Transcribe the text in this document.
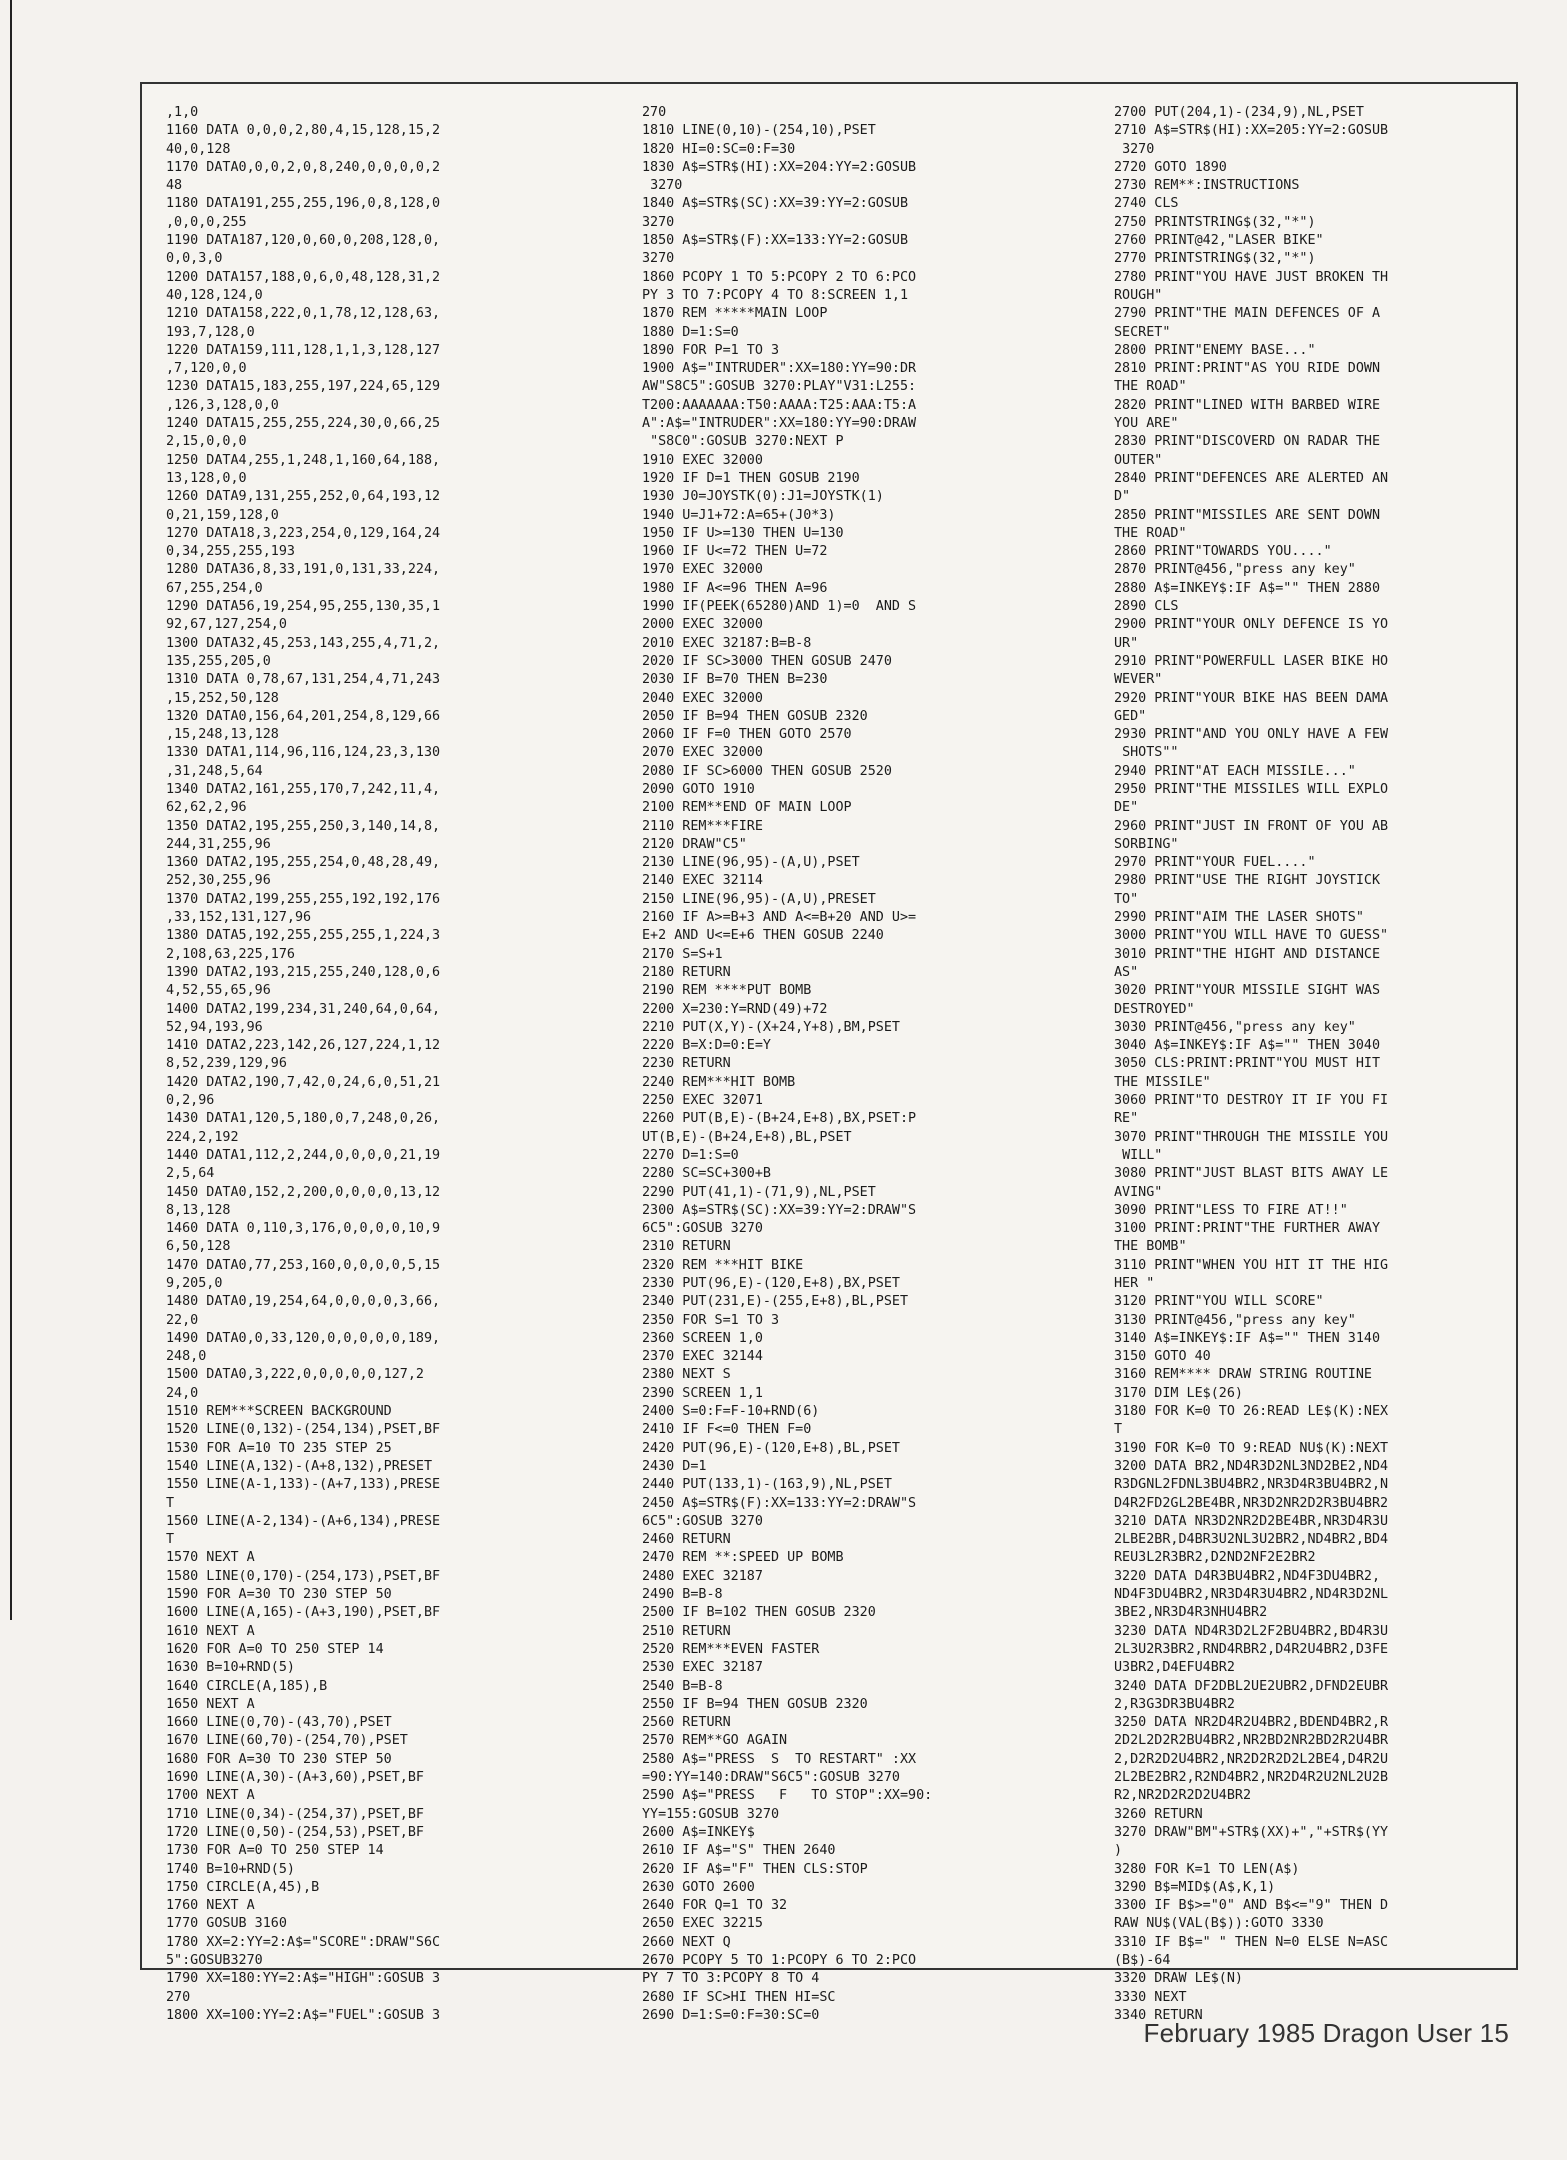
,1,0
1160 DATA 0,0,0,2,80,4,15,128,15,2
40,0,128
1170 DATA0,0,0,2,0,8,240,0,0,0,0,2
48
1180 DATA191,255,255,196,0,8,128,0
,0,0,0,255
1190 DATA187,120,0,60,0,208,128,0,
0,0,3,0
1200 DATA157,188,0,6,0,48,128,31,2
40,128,124,0
1210 DATA158,222,0,1,78,12,128,63,
193,7,128,0
1220 DATA159,111,128,1,1,3,128,127
,7,120,0,0
1230 DATA15,183,255,197,224,65,129
,126,3,128,0,0
1240 DATA15,255,255,224,30,0,66,25
2,15,0,0,0
1250 DATA4,255,1,248,1,160,64,188,
13,128,0,0
1260 DATA9,131,255,252,0,64,193,12
0,21,159,128,0
1270 DATA18,3,223,254,0,129,164,24
0,34,255,255,193
1280 DATA36,8,33,191,0,131,33,224,
67,255,254,0
1290 DATA56,19,254,95,255,130,35,1
92,67,127,254,0
1300 DATA32,45,253,143,255,4,71,2,
135,255,205,0
1310 DATA 0,78,67,131,254,4,71,243
,15,252,50,128
1320 DATA0,156,64,201,254,8,129,66
,15,248,13,128
1330 DATA1,114,96,116,124,23,3,130
,31,248,5,64
1340 DATA2,161,255,170,7,242,11,4,
62,62,2,96
1350 DATA2,195,255,250,3,140,14,8,
244,31,255,96
1360 DATA2,195,255,254,0,48,28,49,
252,30,255,96
1370 DATA2,199,255,255,192,192,176
,33,152,131,127,96
1380 DATA5,192,255,255,255,1,224,3
2,108,63,225,176
1390 DATA2,193,215,255,240,128,0,6
4,52,55,65,96
1400 DATA2,199,234,31,240,64,0,64,
52,94,193,96
1410 DATA2,223,142,26,127,224,1,12
8,52,239,129,96
1420 DATA2,190,7,42,0,24,6,0,51,21
0,2,96
1430 DATA1,120,5,180,0,7,248,0,26,
224,2,192
1440 DATA1,112,2,244,0,0,0,0,21,19
2,5,64
1450 DATA0,152,2,200,0,0,0,0,13,12
8,13,128
1460 DATA 0,110,3,176,0,0,0,0,10,9
6,50,128
1470 DATA0,77,253,160,0,0,0,0,5,15
9,205,0
1480 DATA0,19,254,64,0,0,0,0,3,66,
22,0
1490 DATA0,0,33,120,0,0,0,0,0,189,
248,0
1500 DATA0,3,222,0,0,0,0,0,127,2
24,0
1510 REM***SCREEN BACKGROUND
1520 LINE(0,132)-(254,134),PSET,BF
1530 FOR A=10 TO 235 STEP 25
1540 LINE(A,132)-(A+8,132),PRESET
1550 LINE(A-1,133)-(A+7,133),PRESE
T
1560 LINE(A-2,134)-(A+6,134),PRESE
T
1570 NEXT A
1580 LINE(0,170)-(254,173),PSET,BF
1590 FOR A=30 TO 230 STEP 50
1600 LINE(A,165)-(A+3,190),PSET,BF
1610 NEXT A
1620 FOR A=0 TO 250 STEP 14
1630 B=10+RND(5)
1640 CIRCLE(A,185),B
1650 NEXT A
1660 LINE(0,70)-(43,70),PSET
1670 LINE(60,70)-(254,70),PSET
1680 FOR A=30 TO 230 STEP 50
1690 LINE(A,30)-(A+3,60),PSET,BF
1700 NEXT A
1710 LINE(0,34)-(254,37),PSET,BF
1720 LINE(0,50)-(254,53),PSET,BF
1730 FOR A=0 TO 250 STEP 14
1740 B=10+RND(5)
1750 CIRCLE(A,45),B
1760 NEXT A
1770 GOSUB 3160
1780 XX=2:YY=2:A$="SCORE":DRAW"S6C
5":GOSUB3270
1790 XX=180:YY=2:A$="HIGH":GOSUB 3
270
1800 XX=100:YY=2:A$="FUEL":GOSUB 3
270
1810 LINE(0,10)-(254,10),PSET
1820 HI=0:SC=0:F=30
1830 A$=STR$(HI):XX=204:YY=2:GOSUB
3270
1840 A$=STR$(SC):XX=39:YY=2:GOSUB
3270
1850 A$=STR$(F):XX=133:YY=2:GOSUB
3270
1860 PCOPY 1 TO 5:PCOPY 2 TO 6:PCO
PY 3 TO 7:PCOPY 4 TO 8:SCREEN 1,1
1870 REM *****MAIN LOOP
1880 D=1:S=0
1890 FOR P=1 TO 3
1900 A$="INTRUDER":XX=180:YY=90:DR
AW"S8C5":GOSUB 3270:PLAY"V31:L255:
T200:AAAAAAA:T50:AAAA:T25:AAA:T5:A
A":A$="INTRUDER":XX=180:YY=90:DRAW
"S8C0":GOSUB 3270:NEXT P
1910 EXEC 32000
1920 IF D=1 THEN GOSUB 2190
1930 J0=JOYSTK(0):J1=JOYSTK(1)
1940 U=J1+72:A=65+(J0*3)
1950 IF U>=130 THEN U=130
1960 IF U<=72 THEN U=72
1970 EXEC 32000
1980 IF A<=96 THEN A=96
1990 IF(PEEK(65280)AND 1)=0  AND S
2000 EXEC 32000
2010 EXEC 32187:B=B-8
2020 IF SC>3000 THEN GOSUB 2470
2030 IF B=70 THEN B=230
2040 EXEC 32000
2050 IF B=94 THEN GOSUB 2320
2060 IF F=0 THEN GOTO 2570
2070 EXEC 32000
2080 IF SC>6000 THEN GOSUB 2520
2090 GOTO 1910
2100 REM**END OF MAIN LOOP
2110 REM***FIRE
2120 DRAW"C5"
2130 LINE(96,95)-(A,U),PSET
2140 EXEC 32114
2150 LINE(96,95)-(A,U),PRESET
2160 IF A>=B+3 AND A<=B+20 AND U>=
E+2 AND U<=E+6 THEN GOSUB 2240
2170 S=S+1
2180 RETURN
2190 REM ****PUT BOMB
2200 X=230:Y=RND(49)+72
2210 PUT(X,Y)-(X+24,Y+8),BM,PSET
2220 B=X:D=0:E=Y
2230 RETURN
2240 REM***HIT BOMB
2250 EXEC 32071
2260 PUT(B,E)-(B+24,E+8),BX,PSET:P
UT(B,E)-(B+24,E+8),BL,PSET
2270 D=1:S=0
2280 SC=SC+300+B
2290 PUT(41,1)-(71,9),NL,PSET
2300 A$=STR$(SC):XX=39:YY=2:DRAW"S
6C5":GOSUB 3270
2310 RETURN
2320 REM ***HIT BIKE
2330 PUT(96,E)-(120,E+8),BX,PSET
2340 PUT(231,E)-(255,E+8),BL,PSET
2350 FOR S=1 TO 3
2360 SCREEN 1,0
2370 EXEC 32144
2380 NEXT S
2390 SCREEN 1,1
2400 S=0:F=F-10+RND(6)
2410 IF F<=0 THEN F=0
2420 PUT(96,E)-(120,E+8),BL,PSET
2430 D=1
2440 PUT(133,1)-(163,9),NL,PSET
2450 A$=STR$(F):XX=133:YY=2:DRAW"S
6C5":GOSUB 3270
2460 RETURN
2470 REM **:SPEED UP BOMB
2480 EXEC 32187
2490 B=B-8
2500 IF B=102 THEN GOSUB 2320
2510 RETURN
2520 REM***EVEN FASTER
2530 EXEC 32187
2540 B=B-8
2550 IF B=94 THEN GOSUB 2320
2560 RETURN
2570 REM**GO AGAIN
2580 A$="PRESS  S  TO RESTART" :XX
=90:YY=140:DRAW"S6C5":GOSUB 3270
2590 A$="PRESS   F   TO STOP":XX=90:
YY=155:GOSUB 3270
2600 A$=INKEY$
2610 IF A$="S" THEN 2640
2620 IF A$="F" THEN CLS:STOP
2630 GOTO 2600
2640 FOR Q=1 TO 32
2650 EXEC 32215
2660 NEXT Q
2670 PCOPY 5 TO 1:PCOPY 6 TO 2:PCO
PY 7 TO 3:PCOPY 8 TO 4
2680 IF SC>HI THEN HI=SC
2690 D=1:S=0:F=30:SC=0
2700 PUT(204,1)-(234,9),NL,PSET
2710 A$=STR$(HI):XX=205:YY=2:GOSUB
3270
2720 GOTO 1890
2730 REM**:INSTRUCTIONS
2740 CLS
2750 PRINTSTRING$(32,"*")
2760 PRINT@42,"LASER BIKE"
2770 PRINTSTRING$(32,"*")
2780 PRINT"YOU HAVE JUST BROKEN TH
ROUGH"
2790 PRINT"THE MAIN DEFENCES OF A
SECRET"
2800 PRINT"ENEMY BASE..."
2810 PRINT:PRINT"AS YOU RIDE DOWN
THE ROAD"
2820 PRINT"LINED WITH BARBED WIRE
YOU ARE"
2830 PRINT"DISCOVERD ON RADAR THE
OUTER"
2840 PRINT"DEFENCES ARE ALERTED AN
D"
2850 PRINT"MISSILES ARE SENT DOWN
THE ROAD"
2860 PRINT"TOWARDS YOU...."
2870 PRINT@456,"press any key"
2880 A$=INKEY$:IF A$="" THEN 2880
2890 CLS
2900 PRINT"YOUR ONLY DEFENCE IS YO
UR"
2910 PRINT"POWERFULL LASER BIKE HO
WEVER"
2920 PRINT"YOUR BIKE HAS BEEN DAMA
GED"
2930 PRINT"AND YOU ONLY HAVE A FEW
SHOTS""
2940 PRINT"AT EACH MISSILE..."
2950 PRINT"THE MISSILES WILL EXPLO
DE"
2960 PRINT"JUST IN FRONT OF YOU AB
SORBING"
2970 PRINT"YOUR FUEL...."
2980 PRINT"USE THE RIGHT JOYSTICK
TO"
2990 PRINT"AIM THE LASER SHOTS"
3000 PRINT"YOU WILL HAVE TO GUESS"
3010 PRINT"THE HIGHT AND DISTANCE
AS"
3020 PRINT"YOUR MISSILE SIGHT WAS
DESTROYED"
3030 PRINT@456,"press any key"
3040 A$=INKEY$:IF A$="" THEN 3040
3050 CLS:PRINT:PRINT"YOU MUST HIT
THE MISSILE"
3060 PRINT"TO DESTROY IT IF YOU FI
RE"
3070 PRINT"THROUGH THE MISSILE YOU
WILL"
3080 PRINT"JUST BLAST BITS AWAY LE
AVING"
3090 PRINT"LESS TO FIRE AT!!"
3100 PRINT:PRINT"THE FURTHER AWAY
THE BOMB"
3110 PRINT"WHEN YOU HIT IT THE HIG
HER "
3120 PRINT"YOU WILL SCORE"
3130 PRINT@456,"press any key"
3140 A$=INKEY$:IF A$="" THEN 3140
3150 GOTO 40
3160 REM**** DRAW STRING ROUTINE
3170 DIM LE$(26)
3180 FOR K=0 TO 26:READ LE$(K):NEX
T
3190 FOR K=0 TO 9:READ NU$(K):NEXT
3200 DATA BR2,ND4R3D2NL3ND2BE2,ND4
R3DGNL2FDNL3BU4BR2,NR3D4R3BU4BR2,N
D4R2FD2GL2BE4BR,NR3D2NR2D2R3BU4BR2
3210 DATA NR3D2NR2D2BE4BR,NR3D4R3U
2LBE2BR,D4BR3U2NL3U2BR2,ND4BR2,BD4
REU3L2R3BR2,D2ND2NF2E2BR2
3220 DATA D4R3BU4BR2,ND4F3DU4BR2,
ND4F3DU4BR2,NR3D4R3U4BR2,ND4R3D2NL
3BE2,NR3D4R3NHU4BR2
3230 DATA ND4R3D2L2F2BU4BR2,BD4R3U
2L3U2R3BR2,RND4RBR2,D4R2U4BR2,D3FE
U3BR2,D4EFU4BR2
3240 DATA DF2DBL2UE2UBR2,DFND2EUBR
2,R3G3DR3BU4BR2
3250 DATA NR2D4R2U4BR2,BDEND4BR2,R
2D2L2D2R2BU4BR2,NR2BD2NR2BD2R2U4BR
2,D2R2D2U4BR2,NR2D2R2D2L2BE4,D4R2U
2L2BE2BR2,R2ND4BR2,NR2D4R2U2NL2U2B
R2,NR2D2R2D2U4BR2
3260 RETURN
3270 DRAW"BM"+STR$(XX)+","+STR$(YY
)
3280 FOR K=1 TO LEN(A$)
3290 B$=MID$(A$,K,1)
3300 IF B$>="0" AND B$<="9" THEN D
RAW NU$(VAL(B$)):GOTO 3330
3310 IF B$=" " THEN N=0 ELSE N=ASC
(B$)-64
3320 DRAW LE$(N)
3330 NEXT
3340 RETURN
February 1985 Dragon User 15
